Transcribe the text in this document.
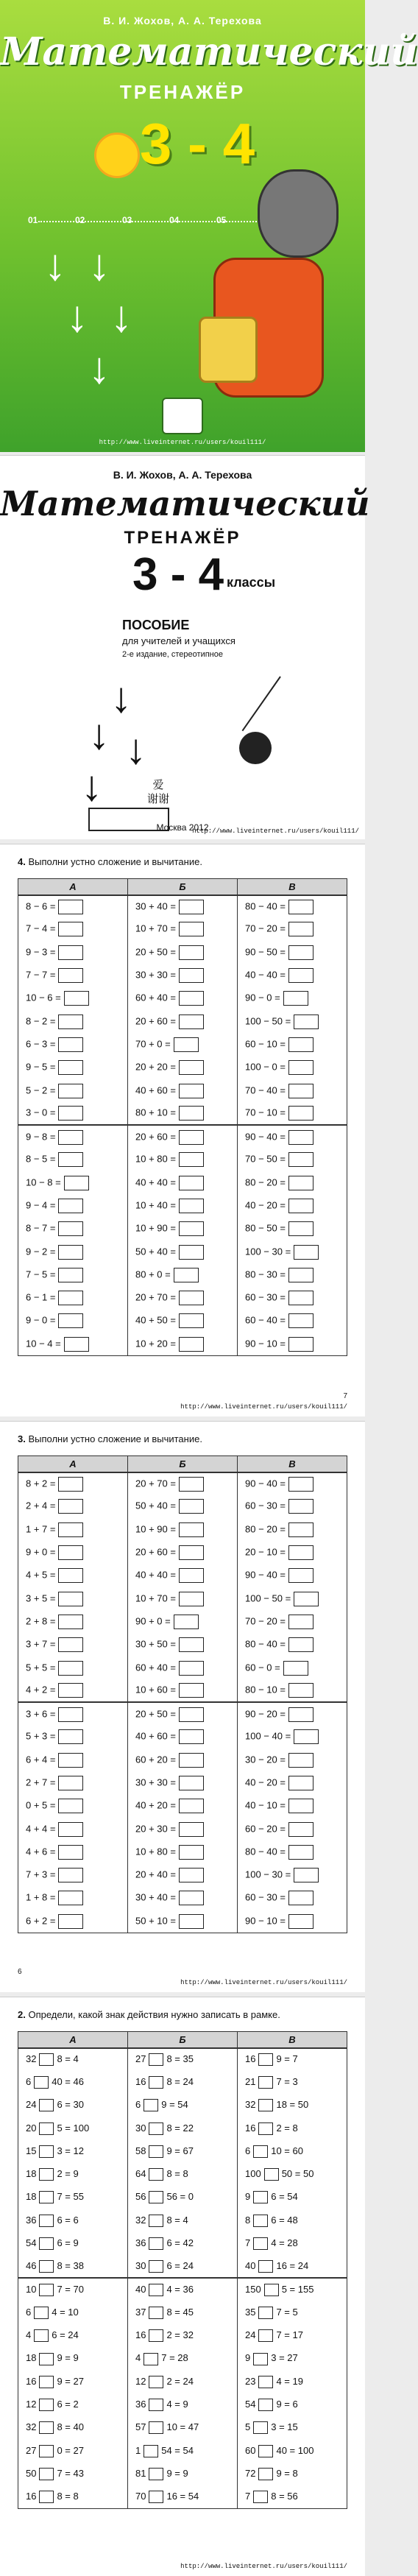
В. И. Жохов, А. А. Терехова
Математический
ТРЕНАЖЁР
3 - 4
01	02	03	04	05
↓ ↓
↓ ↓
↓
http://www.liveinternet.ru/users/kouil111/
В. И. Жохов, А. А. Терехова
Математический
ТРЕНАЖЁР
3 - 4 классы
ПОСОБИЕ
для учителей и учащихся
2-е издание, стереотипное
↓
↓ ↓
↓	爱
谢谢
Москва 2012
http://www.liveinternet.ru/users/kouil111/
4. Выполни устно сложение и вычитание.
А	Б	В
8 − 6 =	30 + 40 =	80 − 40 =
7 − 4 =	10 + 70 =	70 − 20 =
9 − 3 =	20 + 50 =	90 − 50 =
7 − 7 =	30 + 30 =	40 − 40 =
10 − 6 =	60 + 40 =	90 − 0 =
8 − 2 =	20 + 60 =	100 − 50 =
6 − 3 =	70 + 0 =	60 − 10 =
9 − 5 =	20 + 20 =	100 − 0 =
5 − 2 =	40 + 60 =	70 − 40 =
3 − 0 =	80 + 10 =	70 − 10 =
9 − 8 =	20 + 60 =	90 − 40 =
8 − 5 =	10 + 80 =	70 − 50 =
10 − 8 =	40 + 40 =	80 − 20 =
9 − 4 =	10 + 40 =	40 − 20 =
8 − 7 =	10 + 90 =	80 − 50 =
9 − 2 =	50 + 40 =	100 − 30 =
7 − 5 =	80 + 0 =	80 − 30 =
6 − 1 =	20 + 70 =	60 − 30 =
9 − 0 =	40 + 50 =	60 − 40 =
10 − 4 =	10 + 20 =	90 − 10 =
7
http://www.liveinternet.ru/users/kouil111/
3. Выполни устно сложение и вычитание.
А	Б	В
8 + 2 =	20 + 70 =	90 − 40 =
2 + 4 =	50 + 40 =	60 − 30 =
1 + 7 =	10 + 90 =	80 − 20 =
9 + 0 =	20 + 60 =	20 − 10 =
4 + 5 =	40 + 40 =	90 − 40 =
3 + 5 =	10 + 70 =	100 − 50 =
2 + 8 =	90 + 0 =	70 − 20 =
3 + 7 =	30 + 50 =	80 − 40 =
5 + 5 =	60 + 40 =	60 − 0 =
4 + 2 =	10 + 60 =	80 − 10 =
3 + 6 =	20 + 50 =	90 − 20 =
5 + 3 =	40 + 60 =	100 − 40 =
6 + 4 =	60 + 20 =	30 − 20 =
2 + 7 =	30 + 30 =	40 − 20 =
0 + 5 =	40 + 20 =	40 − 10 =
4 + 4 =	20 + 30 =	60 − 20 =
4 + 6 =	10 + 80 =	80 − 40 =
7 + 3 =	20 + 40 =	100 − 30 =
1 + 8 =	30 + 40 =	60 − 30 =
6 + 2 =	50 + 10 =	90 − 10 =
6
http://www.liveinternet.ru/users/kouil111/
2. Определи, какой знак действия нужно записать в рамке.
А	Б	В
32 8 = 4	27 8 = 35	16 9 = 7
6 40 = 46	16 8 = 24	21 7 = 3
24 6 = 30	6 9 = 54	32 18 = 50
20 5 = 100	30 8 = 22	16 2 = 8
15 3 = 12	58 9 = 67	6 10 = 60
18 2 = 9	64 8 = 8	100 50 = 50
18 7 = 55	56 56 = 0	9 6 = 54
36 6 = 6	32 8 = 4	8 6 = 48
54 6 = 9	36 6 = 42	7 4 = 28
46 8 = 38	30 6 = 24	40 16 = 24
10 7 = 70	40 4 = 36	150 5 = 155
6 4 = 10	37 8 = 45	35 7 = 5
4 6 = 24	16 2 = 32	24 7 = 17
18 9 = 9	4 7 = 28	9 3 = 27
16 9 = 27	12 2 = 24	23 4 = 19
12 6 = 2	36 4 = 9	54 9 = 6
32 8 = 40	57 10 = 47	5 3 = 15
27 0 = 27	1 54 = 54	60 40 = 100
50 7 = 43	81 9 = 9	72 9 = 8
16 8 = 8	70 16 = 54	7 8 = 56
http://www.liveinternet.ru/users/kouil111/
